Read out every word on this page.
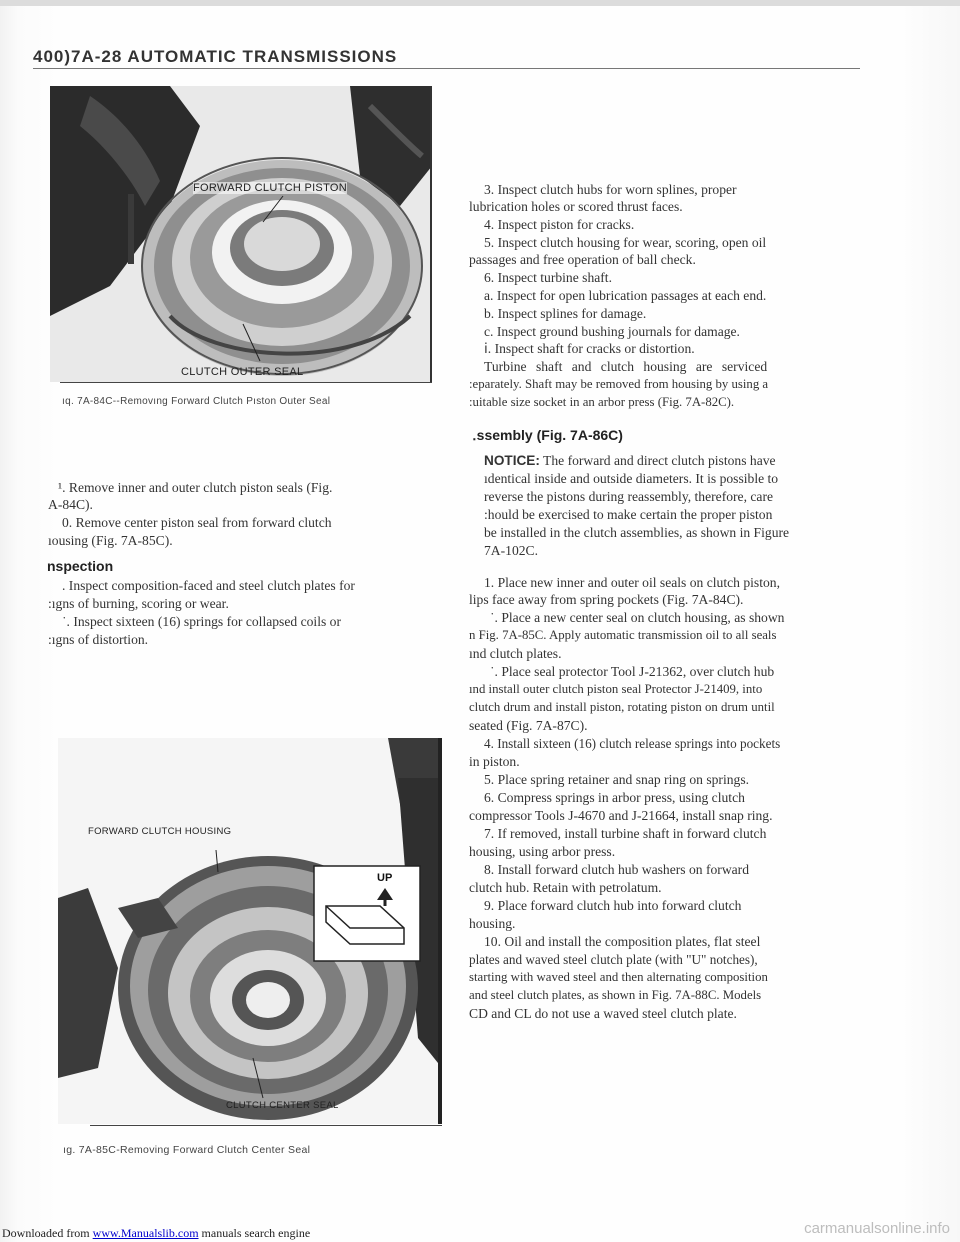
400)7A-28 AUTOMATIC TRANSMISSIONS
FORWARD CLUTCH PISTON
CLUTCH OUTER SEAL
ıq. 7A-84C--Removıng Forward Clutch Pıston Outer Seal
¹. Remove inner and outer clutch piston seals (Fig.
A-84C).
0. Remove center piston seal from forward clutch
ıousing (Fig. 7A-85C).
nspection
. Inspect composition-faced and steel clutch plates for
:ıgns of burning, scoring or wear.
˙. Inspect sixteen (16) springs for collapsed coils or
:ıgns of distortion.
FORWARD CLUTCH HOUSING
UP
CLUTCH CENTER SEAL
ıg. 7A-85C-Removing Forward Clutch Center Seal
3. Inspect clutch hubs for worn splines, proper
lubrication holes or scored thrust faces.
4. Inspect piston for cracks.
5. Inspect clutch housing for wear, scoring, open oil
passages and free operation of ball check.
6. Inspect turbine shaft.
a. Inspect for open lubrication passages at each end.
b. Inspect splines for damage.
c. Inspect ground bushing journals for damage.
ⅰ. Inspect shaft for cracks or distortion.
Turbine shaft and clutch housing are serviced
:eparately. Shaft may be removed from housing by using a
:uitable size socket in an arbor press (Fig. 7A-82C).
․ssembly (Fig. 7A-86C)
NOTICE: The forward and direct clutch pistons have
ıdentical inside and outside diameters. It is possible to
reverse the pistons during reassembly, therefore, care
:hould be exercised to make certain the proper piston
be installed in the clutch assemblies, as shown in Figure
7A-102C.
1. Place new inner and outer oil seals on clutch piston,
lips face away from spring pockets (Fig. 7A-84C).
˙. Place a new center seal on clutch housing, as shown
n Fig. 7A-85C. Apply automatic transmission oil to all seals
ınd clutch plates.
˙. Place seal protector Tool J-21362, over clutch hub
ınd install outer clutch piston seal Protector J-21409, into
clutch drum and install piston, rotating piston on drum until
seated (Fig. 7A-87C).
4. Install sixteen (16) clutch release springs into pockets
in piston.
5. Place spring retainer and snap ring on springs.
6. Compress springs in arbor press, using clutch
compressor Tools J-4670 and J-21664, install snap ring.
7. If removed, install turbine shaft in forward clutch
housing, using arbor press.
8. Install forward clutch hub washers on forward
clutch hub. Retain with petrolatum.
9. Place forward clutch hub into forward clutch
housing.
10. Oil and install the composition plates, flat steel
plates and waved steel clutch plate (with "U" notches),
starting with waved steel and then alternating composition
and steel clutch plates, as shown in Fig. 7A-88C. Models
CD and CL do not use a waved steel clutch plate.
Downloaded from www.Manualslib.com manuals search engine	carmanualsonline.info
